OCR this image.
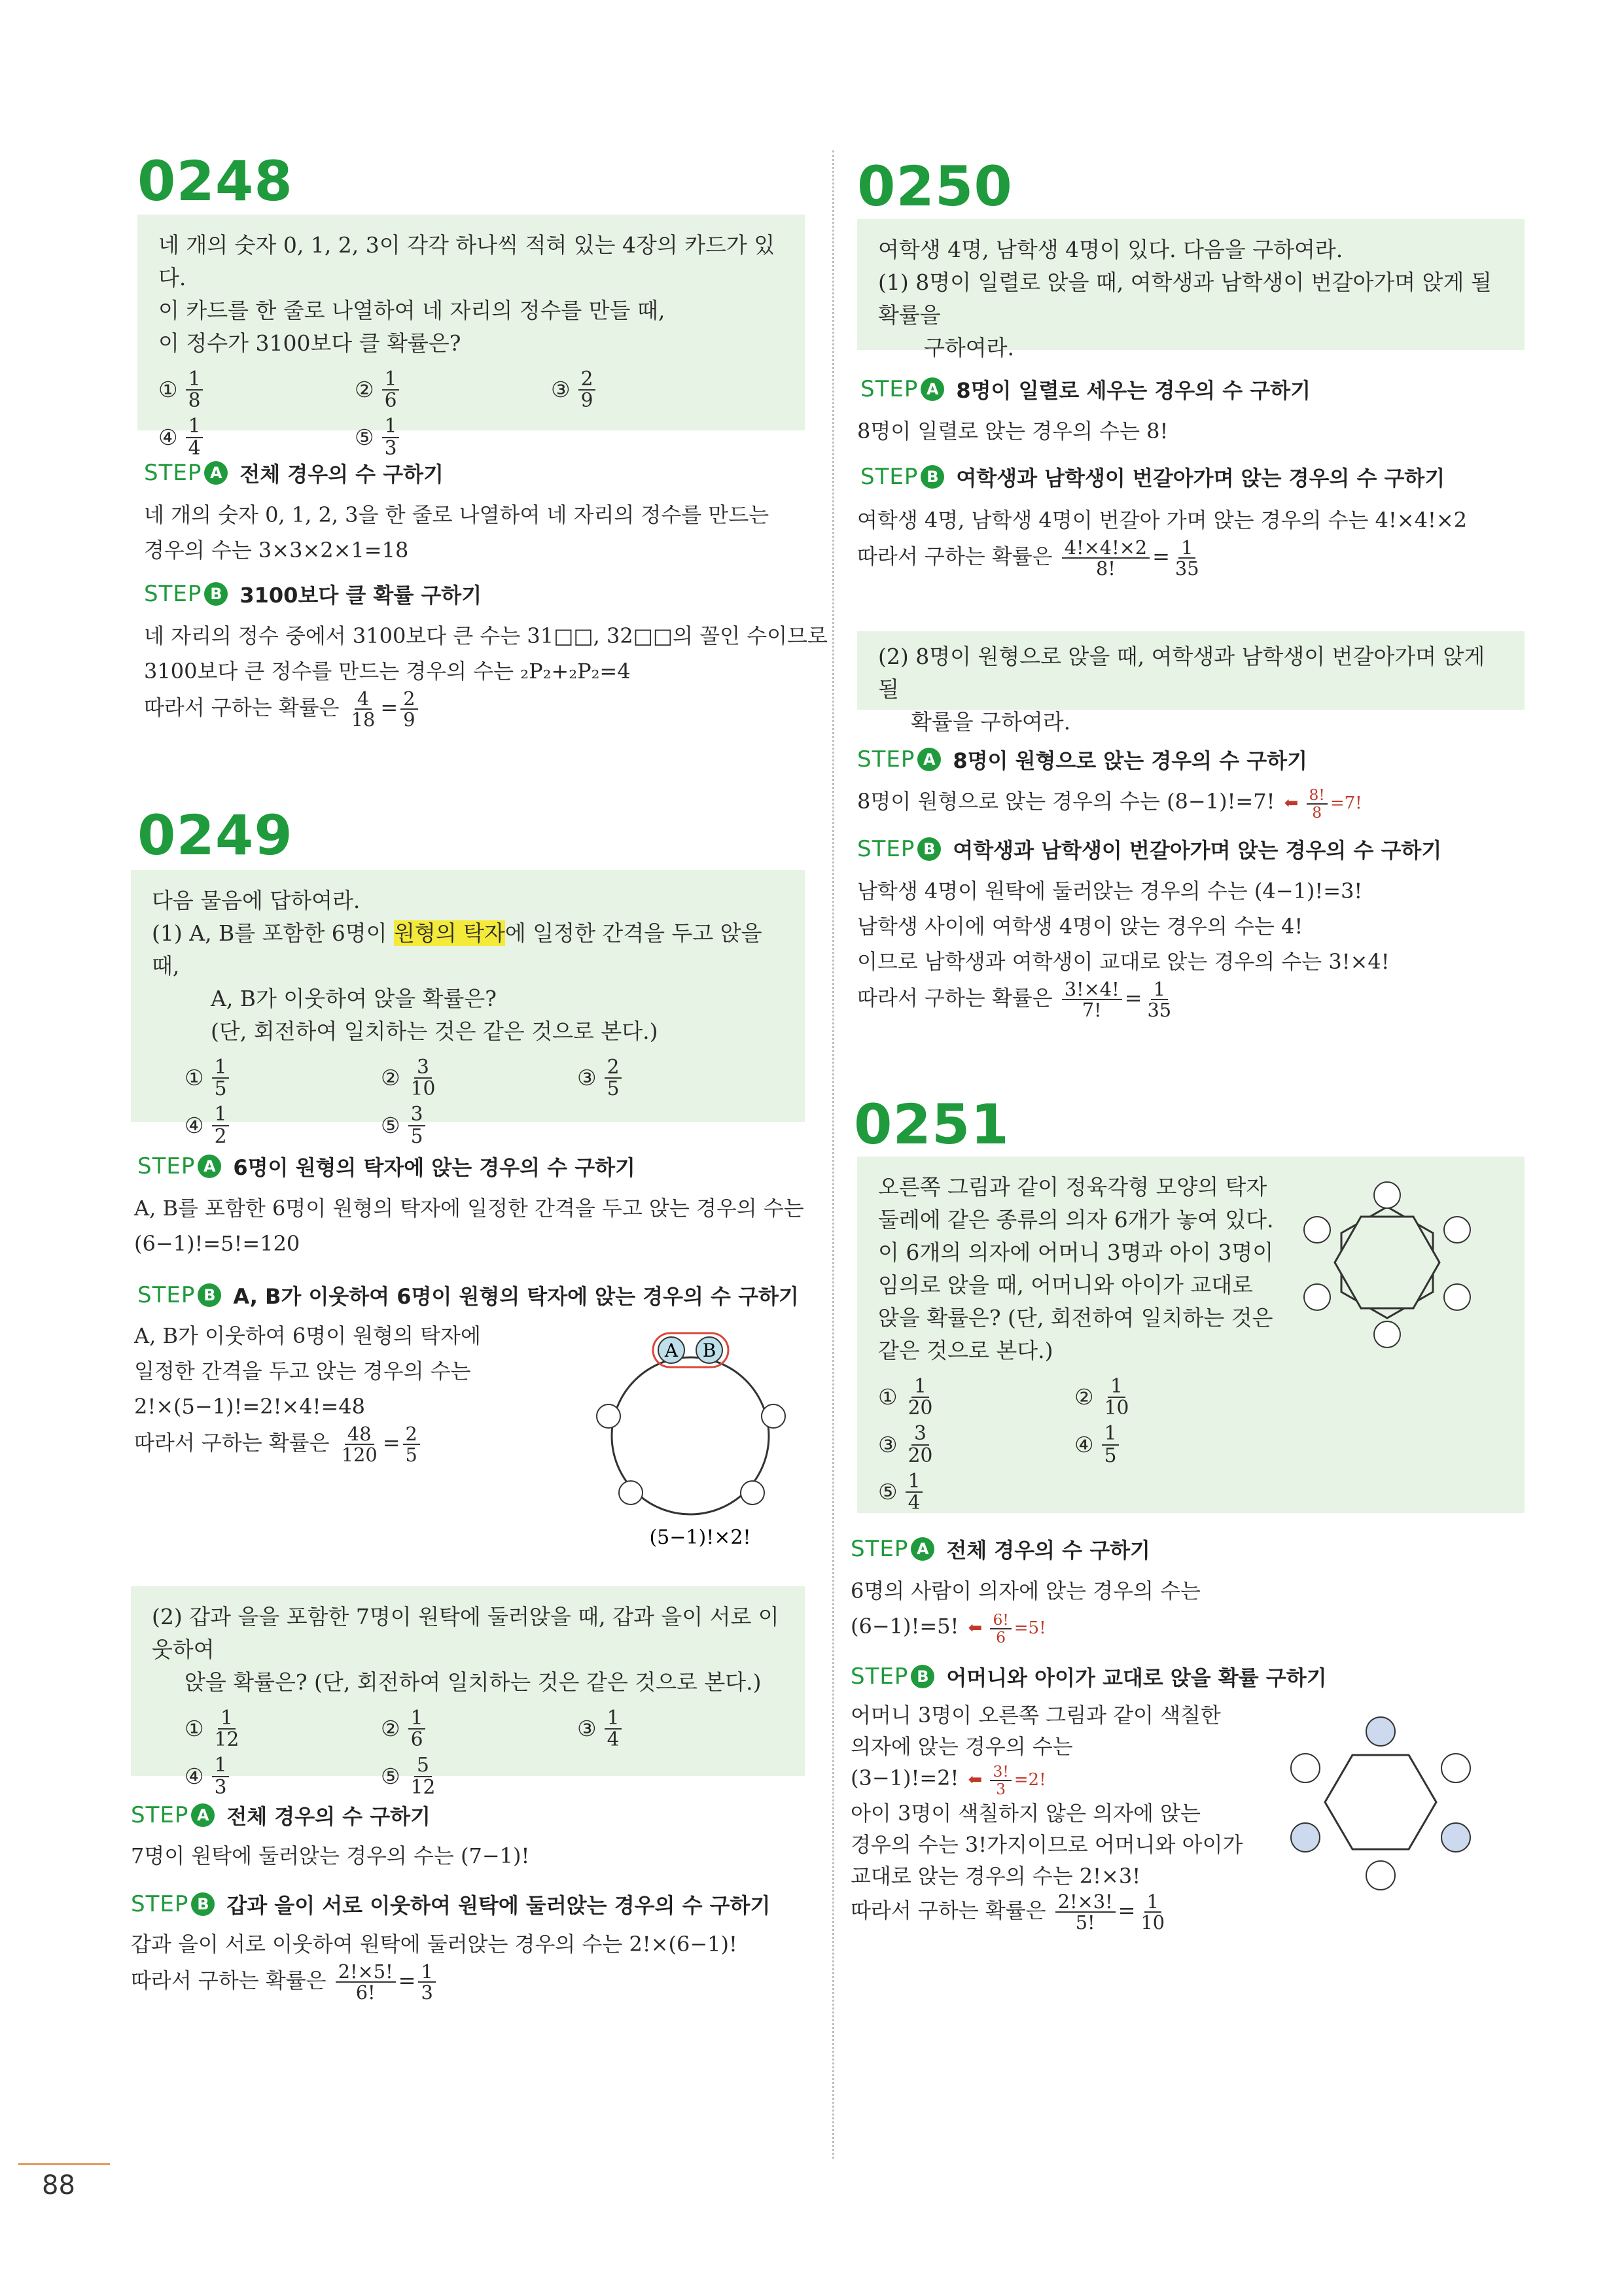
0248

네 개의 숫자 0, 1, 2, 3이 각각 하나씩 적혀 있는 4장의 카드가 있다.

이 카드를 한 줄로 나열하여 네 자리의 정수를 만들 때,

이 정수가 3100보다 클 확률은?

① $\frac{1}{8}$	② $\frac{1}{6}$	③ $\frac{2}{9}$
④ $\frac{1}{4}$	⑤ $\frac{1}{3}$
STEP A 전체 경우의 수 구하기

네 개의 숫자 0, 1, 2, 3을 한 줄로 나열하여 네 자리의 정수를 만드는

경우의 수는 3×3×2×1=18

STEP B 3100보다 클 확률 구하기

네 자리의 정수 중에서 3100보다 큰 수는 31□□, 32□□의 꼴인 수이므로

3100보다 큰 정수를 만드는 경우의 수는 ₂P₂+₂P₂=4

따라서 구하는 확률은 $\frac{4}{18} = \frac{2}{9}$

0249

다음 물음에 답하여라.

(1) A, B를 포함한 6명이 원형의 탁자에 일정한 간격을 두고 앉을 때,

A, B가 이웃하여 앉을 확률은?

(단, 회전하여 일치하는 것은 같은 것으로 본다.)

① $\frac{1}{5}$	② $\frac{3}{10}$	③ $\frac{2}{5}$
④ $\frac{1}{2}$	⑤ $\frac{3}{5}$
STEP A 6명이 원형의 탁자에 앉는 경우의 수 구하기

A, B를 포함한 6명이 원형의 탁자에 일정한 간격을 두고 앉는 경우의 수는

(6−1)!=5!=120

STEP B A, B가 이웃하여 6명이 원형의 탁자에 앉는 경우의 수 구하기

A, B가 이웃하여 6명이 원형의 탁자에

일정한 간격을 두고 앉는 경우의 수는

2!×(5−1)!=2!×4!=48

따라서 구하는 확률은 $\frac{48}{120} = \frac{2}{5}$

A B
(5−1)!×2!

(2) 갑과 을을 포함한 7명이 원탁에 둘러앉을 때, 갑과 을이 서로 이웃하여

앉을 확률은? (단, 회전하여 일치하는 것은 같은 것으로 본다.)

① $\frac{1}{12}$	② $\frac{1}{6}$	③ $\frac{1}{4}$
④ $\frac{1}{3}$	⑤ $\frac{5}{12}$
STEP A 전체 경우의 수 구하기

7명이 원탁에 둘러앉는 경우의 수는 (7−1)!

STEP B 갑과 을이 서로 이웃하여 원탁에 둘러앉는 경우의 수 구하기

갑과 을이 서로 이웃하여 원탁에 둘러앉는 경우의 수는 2!×(6−1)!

따라서 구하는 확률은 $\frac{2!\times 5!}{6!} = \frac{1}{3}$

0250

여학생 4명, 남학생 4명이 있다. 다음을 구하여라.

(1) 8명이 일렬로 앉을 때, 여학생과 남학생이 번갈아가며 앉게 될 확률을

구하여라.

STEP A 8명이 일렬로 세우는 경우의 수 구하기

8명이 일렬로 앉는 경우의 수는 8!

STEP B 여학생과 남학생이 번갈아가며 앉는 경우의 수 구하기

여학생 4명, 남학생 4명이 번갈아 가며 앉는 경우의 수는 4!×4!×2

따라서 구하는 확률은 $\frac{4!\times 4!\times 2}{8!} = \frac{1}{35}$

(2) 8명이 원형으로 앉을 때, 여학생과 남학생이 번갈아가며 앉게 될

확률을 구하여라.

STEP A 8명이 원형으로 앉는 경우의 수 구하기

8명이 원형으로 앉는 경우의 수는 (8−1)!=7! ⬅ $\frac{8!}{8} =7$!

STEP B 여학생과 남학생이 번갈아가며 앉는 경우의 수 구하기

남학생 4명이 원탁에 둘러앉는 경우의 수는 (4−1)!=3!

남학생 사이에 여학생 4명이 앉는 경우의 수는 4!

이므로 남학생과 여학생이 교대로 앉는 경우의 수는 3!×4!

따라서 구하는 확률은 $\frac{3!\times 4!}{7!} = \frac{1}{35}$

0251

오른쪽 그림과 같이 정육각형 모양의 탁자

둘레에 같은 종류의 의자 6개가 놓여 있다.

이 6개의 의자에 어머니 3명과 아이 3명이

임의로 앉을 때, 어머니와 아이가 교대로

앉을 확률은? (단, 회전하여 일치하는 것은

같은 것으로 본다.)

① $\frac{1}{20}$	② $\frac{1}{10}$
③ $\frac{3}{20}$	④ $\frac{1}{5}$
⑤ $\frac{1}{4}$
STEP A 전체 경우의 수 구하기

6명의 사람이 의자에 앉는 경우의 수는

(6−1)!=5! ⬅ $\frac{6!}{6} =5$!

STEP B 어머니와 아이가 교대로 앉을 확률 구하기

어머니 3명이 오른쪽 그림과 같이 색칠한

의자에 앉는 경우의 수는

(3−1)!=2! ⬅ $\frac{3!}{3} =2$!

아이 3명이 색칠하지 않은 의자에 앉는

경우의 수는 3!가지이므로 어머니와 아이가

교대로 앉는 경우의 수는 2!×3!

따라서 구하는 확률은 $\frac{2!\times 3!}{5!} = \frac{1}{10}$

88
